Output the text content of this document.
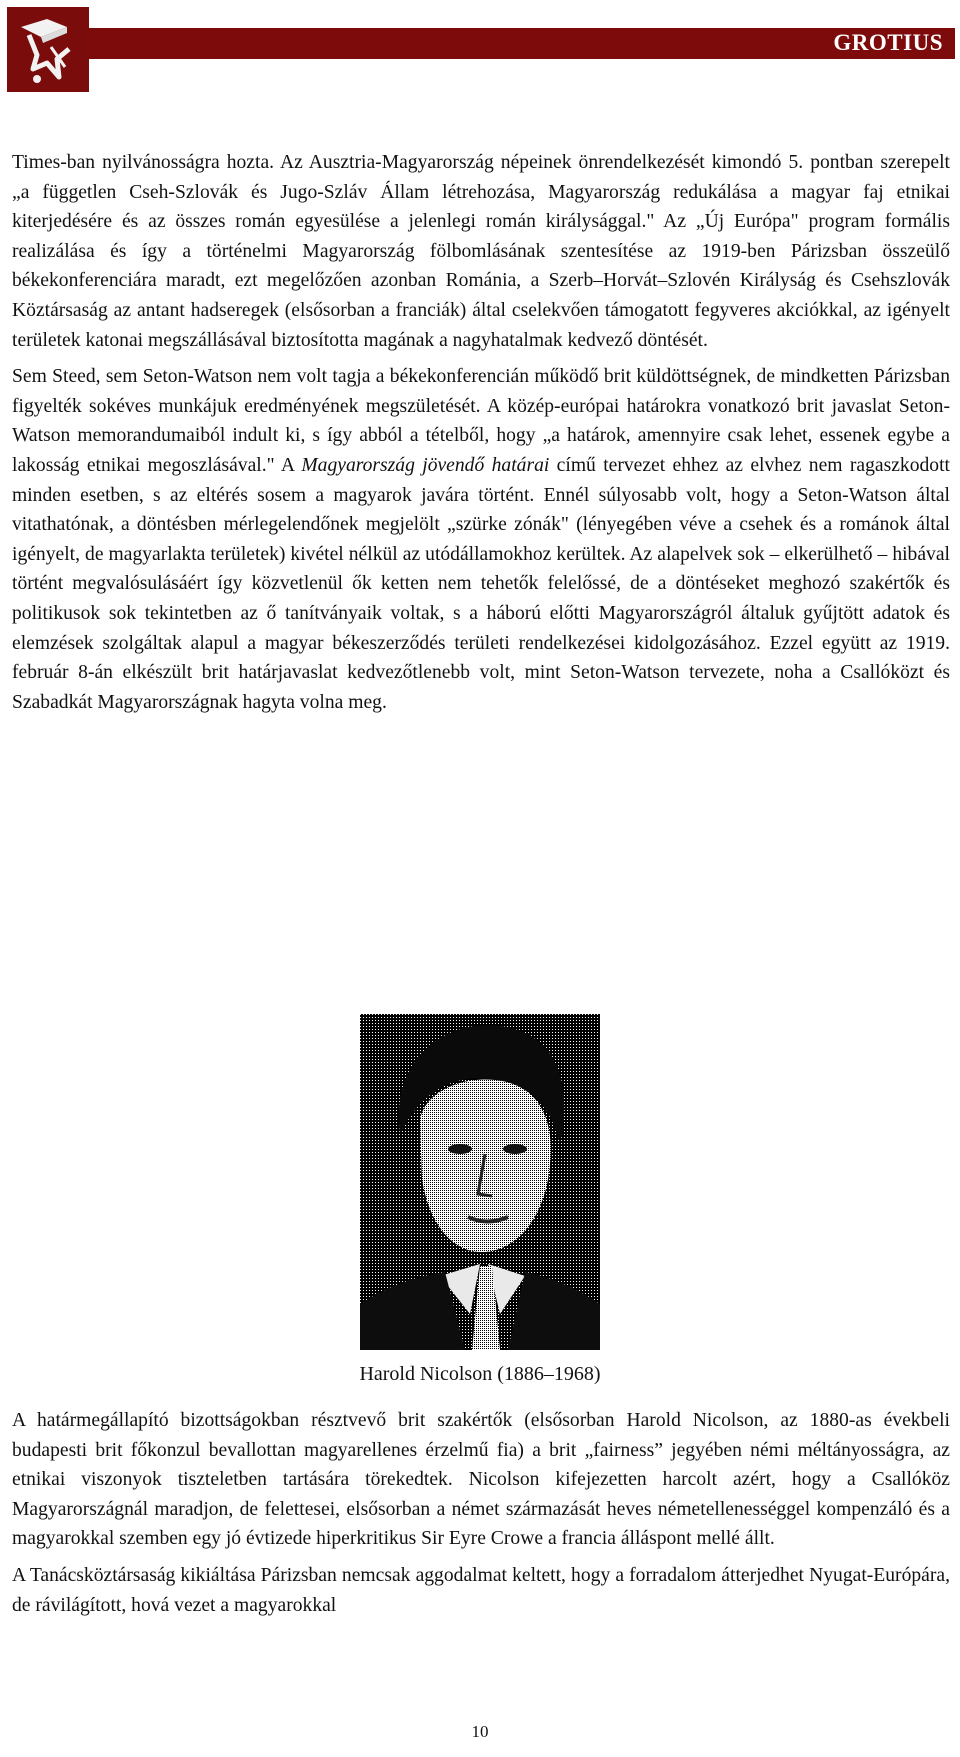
GROTIUS

Times-ban nyilvánosságra hozta. Az Ausztria-Magyarország népeinek önrendelkezését kimondó 5. pontban szerepelt „a független Cseh-Szlovák és Jugo-Szláv Állam létrehozása, Magyarország redukálása a magyar faj etnikai kiterjedésére és az összes román egyesülése a jelenlegi román királysággal." Az „Új Európa" program formális realizálása és így a történelmi Magyarország fölbomlásának szentesítése az 1919-ben Párizsban összeülő békekonferenciára maradt, ezt megelőzően azonban Románia, a Szerb–Horvát–Szlovén Királyság és Csehszlovák Köztársaság az antant hadseregek (elsősorban a franciák) által cselekvően támogatott fegyveres akciókkal, az igényelt területek katonai megszállásával biztosította magának a nagyhatalmak kedvező döntését.

Sem Steed, sem Seton-Watson nem volt tagja a békekonferencián működő brit küldöttségnek, de mindketten Párizsban figyelték sokéves munkájuk eredményének megszületését. A közép-európai határokra vonatkozó brit javaslat Seton-Watson memorandumaiból indult ki, s így abból a tételből, hogy „a határok, amennyire csak lehet, essenek egybe a lakosság etnikai megoszlásával." A Magyarország jövendő határai című tervezet ehhez az elvhez nem ragaszkodott minden esetben, s az eltérés sosem a magyarok javára történt. Ennél súlyosabb volt, hogy a Seton-Watson által vitathatónak, a döntésben mérlegelendőnek megjelölt „szürke zónák" (lényegében véve a csehek és a románok által igényelt, de magyarlakta területek) kivétel nélkül az utódállamokhoz kerültek. Az alapelvek sok – elkerülhető – hibával történt megvalósulásáért így közvetlenül ők ketten nem tehetők felelőssé, de a döntéseket meghozó szakértők és politikusok sok tekintetben az ő tanítványaik voltak, s a háború előtti Magyarországról általuk gyűjtött adatok és elemzések szolgáltak alapul a magyar békeszerződés területi rendelkezései kidolgozásához. Ezzel együtt az 1919. február 8-án elkészült brit határjavaslat kedvezőtlenebb volt, mint Seton-Watson tervezete, noha a Csallóközt és Szabadkát Magyarországnak hagyta volna meg.

Harold Nicolson (1886–1968)

A határmegállapító bizottságokban résztvevő brit szakértők (elsősorban Harold Nicolson, az 1880-as évekbeli budapesti brit főkonzul bevallottan magyarellenes érzelmű fia) a brit „fairness” jegyében némi méltányosságra, az etnikai viszonyok tiszteletben tartására törekedtek. Nicolson kifejezetten harcolt azért, hogy a Csallóköz Magyarországnál maradjon, de felettesei, elsősorban a német származását heves németellenességgel kompenzáló és a magyarokkal szemben egy jó évtizede hiperkritikus Sir Eyre Crowe a francia álláspont mellé állt.

A Tanácsköztársaság kikiáltása Párizsban nemcsak aggodalmat keltett, hogy a forradalom átterjedhet Nyugat-Európára, de rávilágított, hová vezet a magyarokkal

10
